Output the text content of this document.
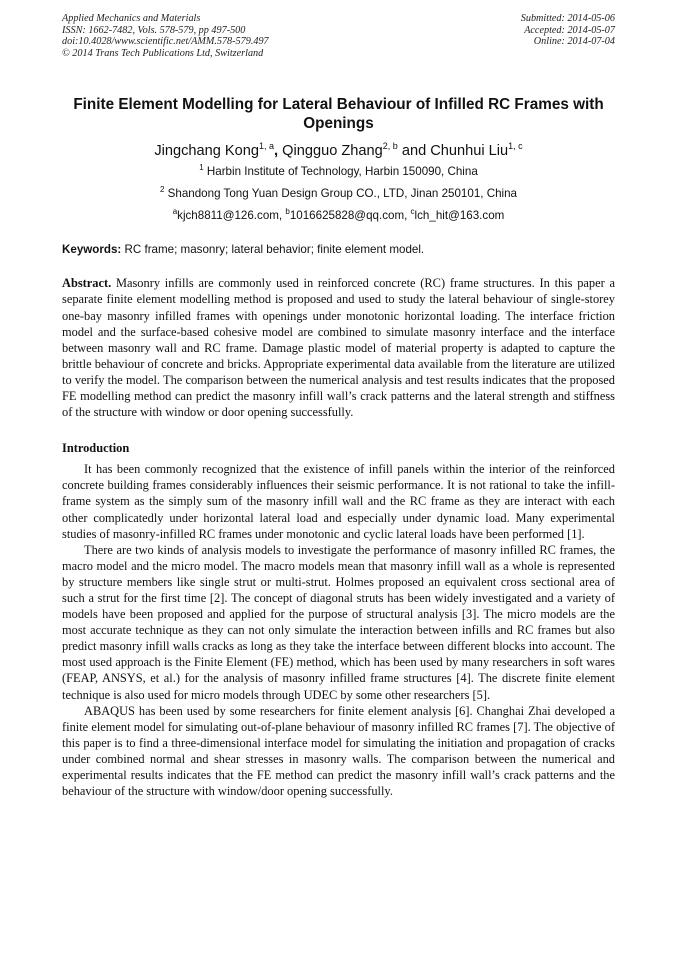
Applied Mechanics and Materials
ISSN: 1662-7482, Vols. 578-579, pp 497-500
doi:10.4028/www.scientific.net/AMM.578-579.497
© 2014 Trans Tech Publications Ltd, Switzerland
Submitted: 2014-05-06
Accepted: 2014-05-07
Online: 2014-07-04
Finite Element Modelling for Lateral Behaviour of Infilled RC Frames with Openings
Jingchang Kong$^{1, a}$, Qingguo Zhang$^{2, b}$ and Chunhui Liu$^{1, c}$
$^1$ Harbin Institute of Technology, Harbin 150090, China
$^2$ Shandong Tong Yuan Design Group CO., LTD, Jinan 250101, China
$^a$kjch8811@126.com, $^b$1016625828@qq.com, $^c$lch_hit@163.com
Keywords: RC frame; masonry; lateral behavior; finite element model.
Abstract. Masonry infills are commonly used in reinforced concrete (RC) frame structures. In this paper a separate finite element modelling method is proposed and used to study the lateral behaviour of single-storey one-bay masonry infilled frames with openings under monotonic horizontal loading. The interface friction model and the surface-based cohesive model are combined to simulate masonry interface and the interface between masonry wall and RC frame. Damage plastic model of material property is adapted to capture the brittle behaviour of concrete and bricks. Appropriate experimental data available from the literature are utilized to verify the model. The comparison between the numerical analysis and test results indicates that the proposed FE modelling method can predict the masonry infill wall’s crack patterns and the lateral strength and stiffness of the structure with window or door opening successfully.
Introduction

It has been commonly recognized that the existence of infill panels within the interior of the reinforced concrete building frames considerably influences their seismic performance. It is not rational to take the infill-frame system as the simply sum of the masonry infill wall and the RC frame as they are interact with each other complicatedly under horizontal lateral load and especially under dynamic load. Many experimental studies of masonry-infilled RC frames under monotonic and cyclic lateral loads have been performed [1].

There are two kinds of analysis models to investigate the performance of masonry infilled RC frames, the macro model and the micro model. The macro models mean that masonry infill wall as a whole is represented by structure members like single strut or multi-strut. Holmes proposed an equivalent cross sectional area of such a strut for the first time [2]. The concept of diagonal struts has been widely investigated and a variety of models have been proposed and applied for the purpose of structural analysis [3]. The micro models are the most accurate technique as they can not only simulate the interaction between infills and RC frames but also predict masonry infill walls cracks as long as they take the interface between different blocks into account. The most used approach is the Finite Element (FE) method, which has been used by many researchers in soft wares (FEAP, ANSYS, et al.) for the analysis of masonry infilled frame structures [4]. The discrete finite element technique is also used for micro models through UDEC by some other researchers [5].

ABAQUS has been used by some researchers for finite element analysis [6]. Changhai Zhai developed a finite element model for simulating out-of-plane behaviour of masonry infilled RC frames [7]. The objective of this paper is to find a three-dimensional interface model for simulating the initiation and propagation of cracks under combined normal and shear stresses in masonry walls. The comparison between the numerical and experimental results indicates that the FE method can predict the masonry infill wall’s crack patterns and the behaviour of the structure with window/door opening successfully.
